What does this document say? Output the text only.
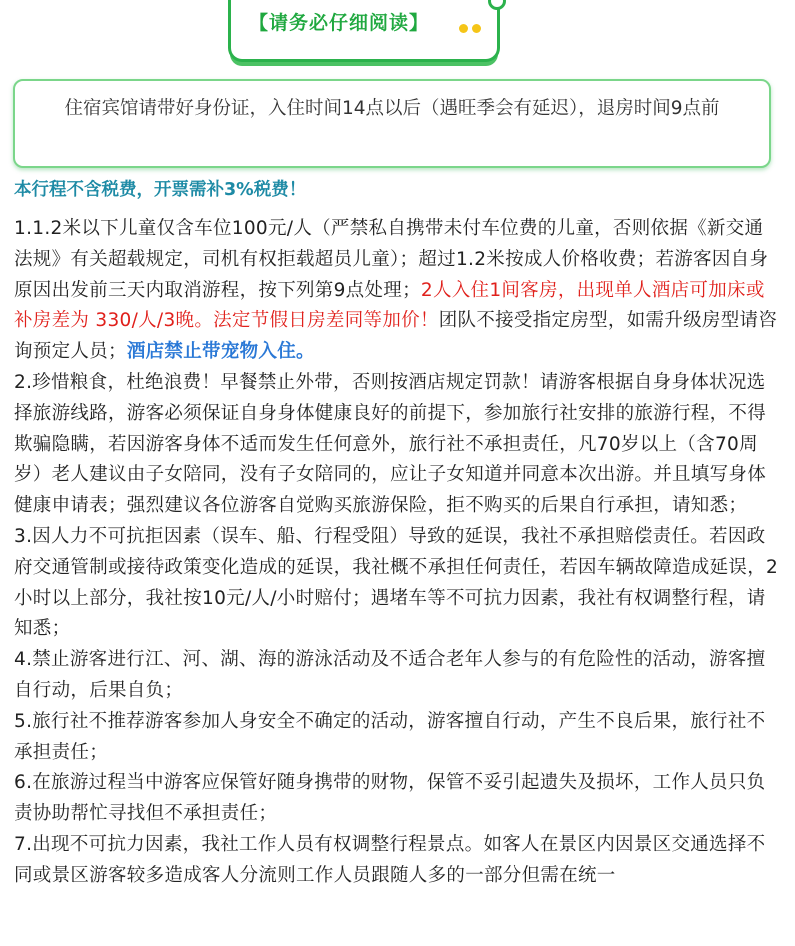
【请务必仔细阅读】
住宿宾馆请带好身份证，入住时间14点以后（遇旺季会有延迟），退房时间9点前
本行程不含税费，开票需补3%税费！

1.1.2米以下儿童仅含车位100元/人（严禁私自携带未付车位费的儿童，否则依据《新交通法规》有关超载规定，司机有权拒载超员儿童）；超过1.2米按成人价格收费；若游客因自身原因出发前三天内取消游程，按下列第9点处理；2人入住1间客房，出现单人酒店可加床或补房差为 330/人/3晚。法定节假日房差同等加价！团队不接受指定房型，如需升级房型请咨询预定人员；酒店禁止带宠物入住。

2.珍惜粮食，杜绝浪费！早餐禁止外带，否则按酒店规定罚款！请游客根据自身身体状况选择旅游线路，游客必须保证自身身体健康良好的前提下，参加旅行社安排的旅游行程，不得欺骗隐瞒，若因游客身体不适而发生任何意外，旅行社不承担责任，凡70岁以上（含70周岁）老人建议由子女陪同，没有子女陪同的，应让子女知道并同意本次出游。并且填写身体健康申请表；强烈建议各位游客自觉购买旅游保险，拒不购买的后果自行承担，请知悉；

3.因人力不可抗拒因素（误车、船、行程受阻）导致的延误，我社不承担赔偿责任。若因政府交通管制或接待政策变化造成的延误，我社概不承担任何责任，若因车辆故障造成延误，2小时以上部分，我社按10元/人/小时赔付；遇堵车等不可抗力因素，我社有权调整行程，请知悉；

4.禁止游客进行江、河、湖、海的游泳活动及不适合老年人参与的有危险性的活动，游客擅自行动，后果自负；

5.旅行社不推荐游客参加人身安全不确定的活动，游客擅自行动，产生不良后果，旅行社不承担责任；

6.在旅游过程当中游客应保管好随身携带的财物，保管不妥引起遗失及损坏，工作人员只负责协助帮忙寻找但不承担责任；

7.出现不可抗力因素，我社工作人员有权调整行程景点。如客人在景区内因景区交通选择不同或景区游客较多造成客人分流则工作人员跟随人多的一部分但需在统一
